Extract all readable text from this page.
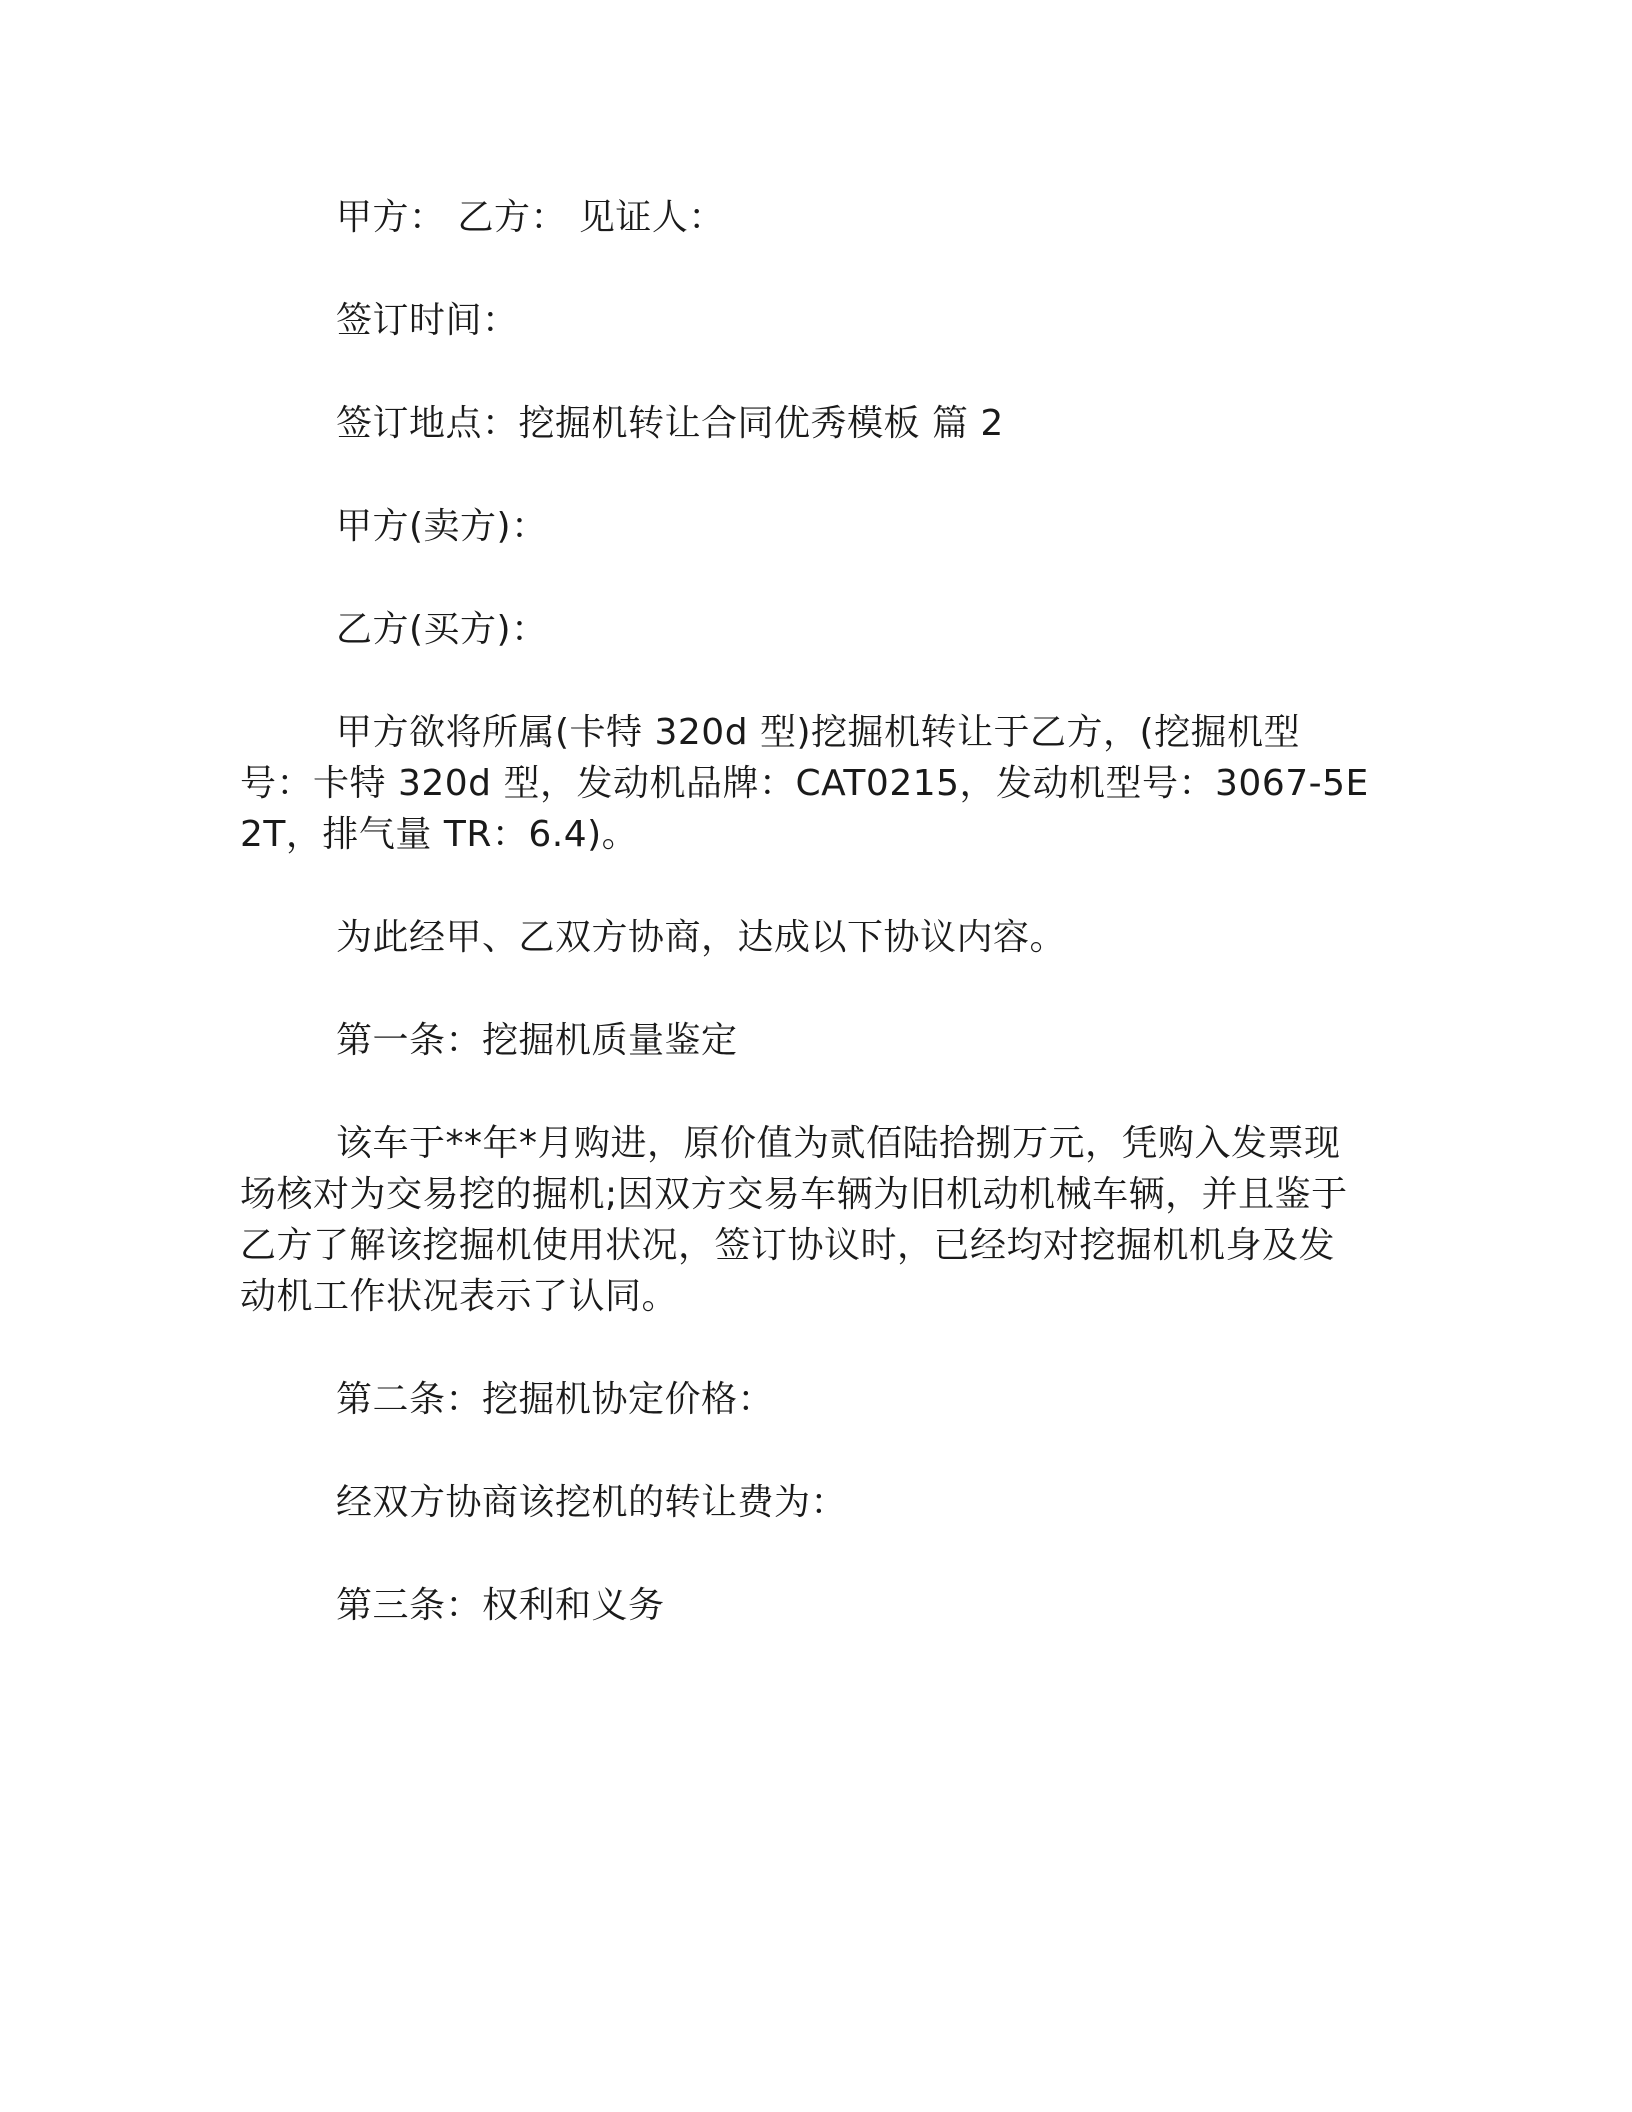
甲方： 乙方： 见证人：

签订时间：

签订地点：挖掘机转让合同优秀模板 篇 2

甲方(卖方)：

乙方(买方)：

甲方欲将所属(卡特 320d 型)挖掘机转让于乙方，(挖掘机型号：卡特 320d 型，发动机品牌：CAT0215，发动机型号：3067-5E2T，排气量 TR：6.4)。

为此经甲、乙双方协商，达成以下协议内容。

第一条：挖掘机质量鉴定

该车于**年*月购进，原价值为贰佰陆拾捌万元，凭购入发票现场核对为交易挖的掘机;因双方交易车辆为旧机动机械车辆，并且鉴于乙方了解该挖掘机使用状况，签订协议时，已经均对挖掘机机身及发动机工作状况表示了认同。

第二条：挖掘机协定价格：

经双方协商该挖机的转让费为：

第三条：权利和义务
